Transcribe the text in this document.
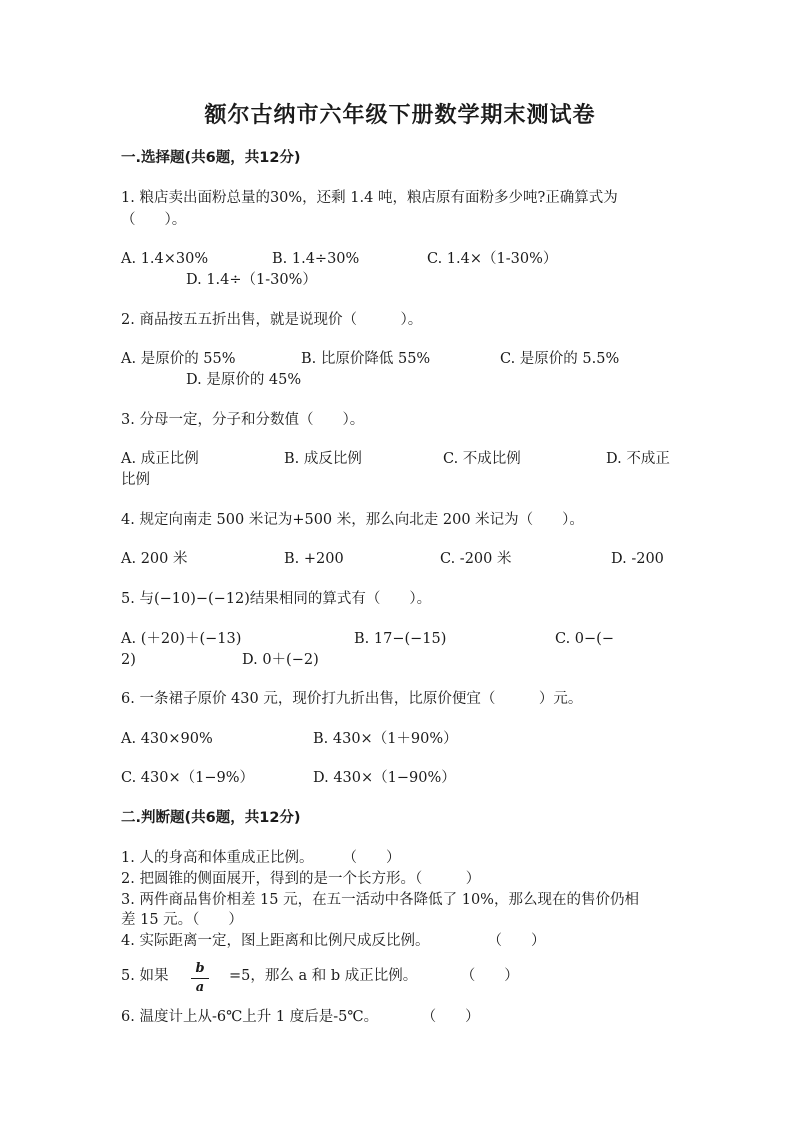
额尔古纳市六年级下册数学期末测试卷
一.选择题(共6题，共12分)
1. 粮店卖出面粉总量的30%，还剩 1.4 吨，粮店原有面粉多少吨?正确算式为
（　　）。
A. 1.4×30%	B. 1.4÷30%	C. 1.4×（1-30%）
D. 1.4÷（1-30%）
2. 商品按五五折出售，就是说现价（　　　）。
A. 是原价的 55%	B. 比原价降低 55%	C. 是原价的 5.5%
D. 是原价的 45%
3. 分母一定，分子和分数值（　　）。
A. 成正比例	B. 成反比例	C. 不成比例	D. 不成正
比例
4. 规定向南走 500 米记为+500 米，那么向北走 200 米记为（　　）。
A. 200 米	B. +200	C. -200 米	D. -200
5. 与(−10)−(−12)结果相同的算式有（　　）。
A. (＋20)＋(−13)	B. 17−(−15)	C. 0−(−
2)	D. 0＋(−2)
6. 一条裙子原价 430 元，现价打九折出售，比原价便宜（　　　）元。
A. 430×90%	B. 430×（1＋90%）
C. 430×（1−9%）	D. 430×（1−90%）
二.判断题(共6题，共12分)
1. 人的身高和体重成正比例。　　　（　　）
2. 把圆锥的侧面展开，得到的是一个长方形。（　　　）
3. 两件商品售价相差 15 元，在五一活动中各降低了 10%，那么现在的售价仍相
差 15 元。（　　）
4. 实际距离一定，图上距离和比例尺成反比例。　　　　　（　　）
5. 如果	b
a
=5，那么 a 和 b 成正比例。　　　　（　　）
6. 温度计上从-6℃上升 1 度后是-5℃。　　　　（　　）
